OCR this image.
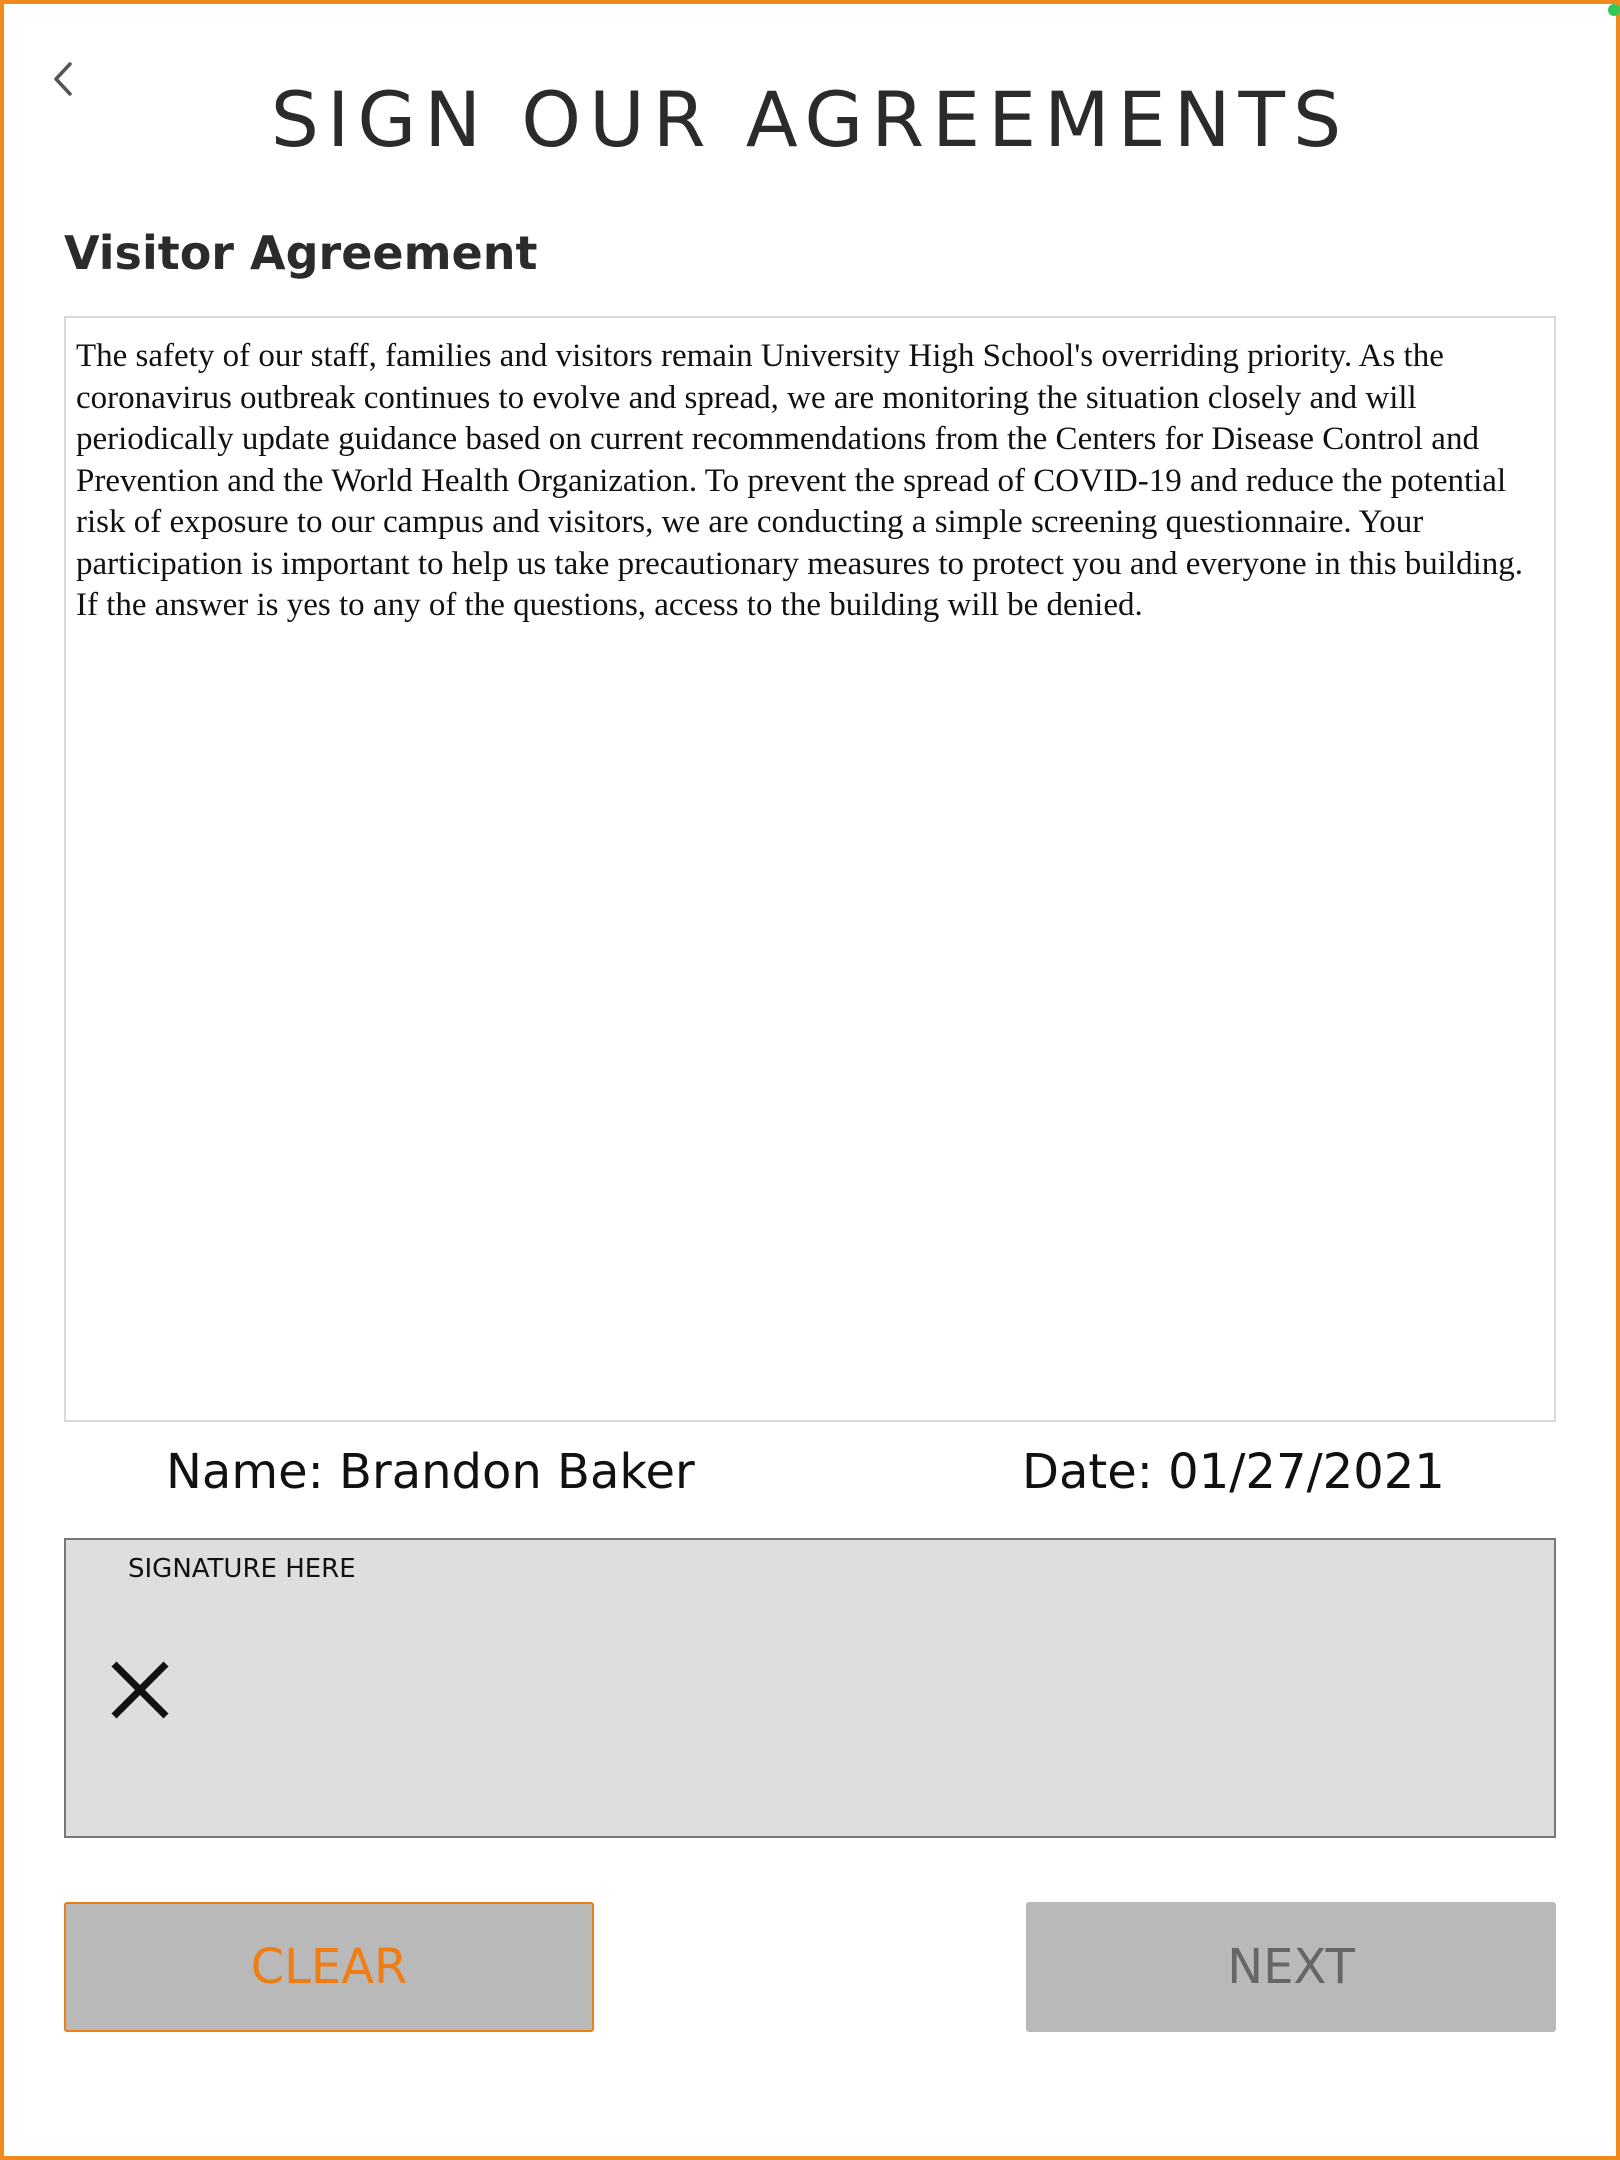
SIGN OUR AGREEMENTS
Visitor Agreement

The safety of our staff, families and visitors remain University High School's overriding priority. As the coronavirus outbreak continues to evolve and spread, we are monitoring the situation closely and will periodically update guidance based on current recommendations from the Centers for Disease Control and Prevention and the World Health Organization. To prevent the spread of COVID-19 and reduce the potential risk of exposure to our campus and visitors, we are conducting a simple screening questionnaire. Your participation is important to help us take precautionary measures to protect you and everyone in this building. If the answer is yes to any of the questions, access to the building will be denied.

Name: Brandon Baker	Date: 01/27/2021
SIGNATURE HERE
CLEAR	NEXT
